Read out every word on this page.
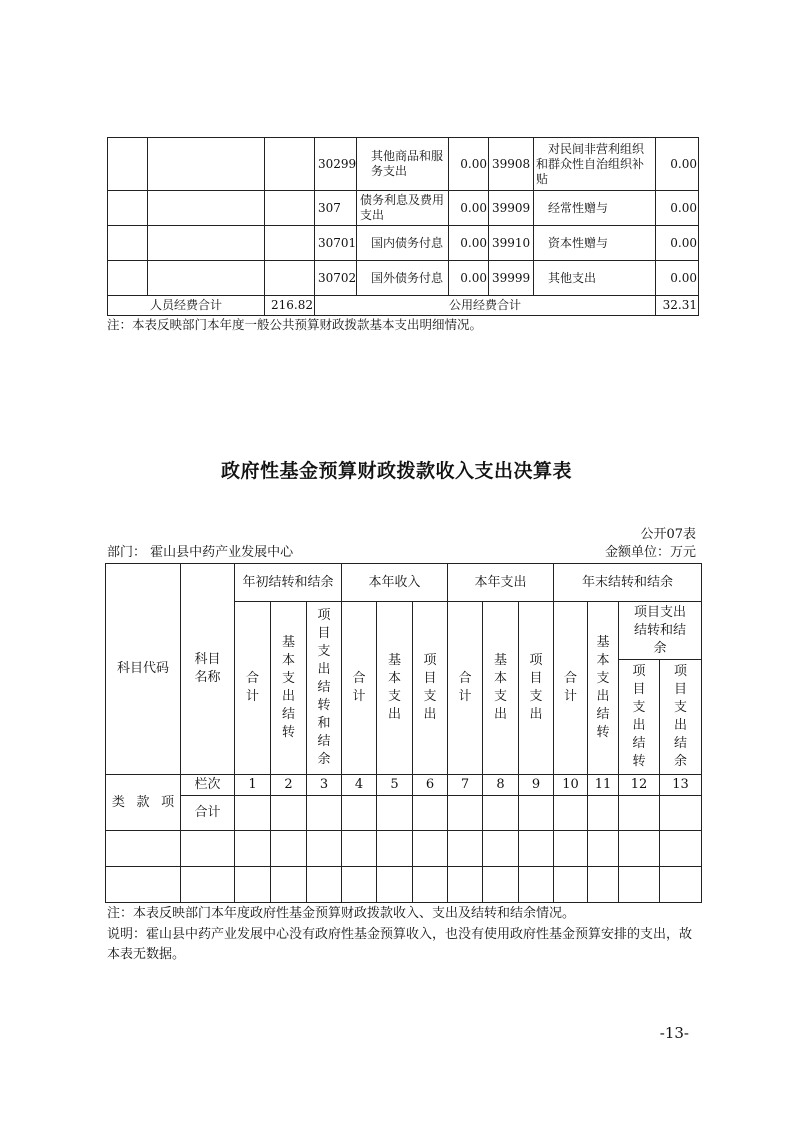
			30299	其他商品和服务支出	0.00	39908	对民间非营利组织和群众性自治组织补贴	0.00
			307	债务利息及费用支出	0.00	39909	经常性赠与	0.00
			30701	国内债务付息	0.00	39910	资本性赠与	0.00
			30702	国外债务付息	0.00	39999	其他支出	0.00
人员经费合计		216.82	公用经费合计					32.31
注：本表反映部门本年度一般公共预算财政拨款基本支出明细情况。
政府性基金预算财政拨款收入支出决算表
公开07表
部门： 霍山县中药产业发展中心	金额单位：万元
科目代码	科目名称	年初结转和结余			本年收入			本年支出			年末结转和结余			

		合计	基本支出结转	项目支出结转和结余	合计	基本支出	项目支出	合计	基本支出	项目支出	合计	基本支出结转	项目支出结转和结余	

													项目支出结转	项目支出结余

类 款 项	栏次	1	2	3	4	5	6	7	8	9	10	11	12	13
	合计													

注：本表反映部门本年度政府性基金预算财政拨款收入、支出及结转和结余情况。
说明：霍山县中药产业发展中心没有政府性基金预算收入，也没有使用政府性基金预算安排的支出，故本表无数据。
-13-
